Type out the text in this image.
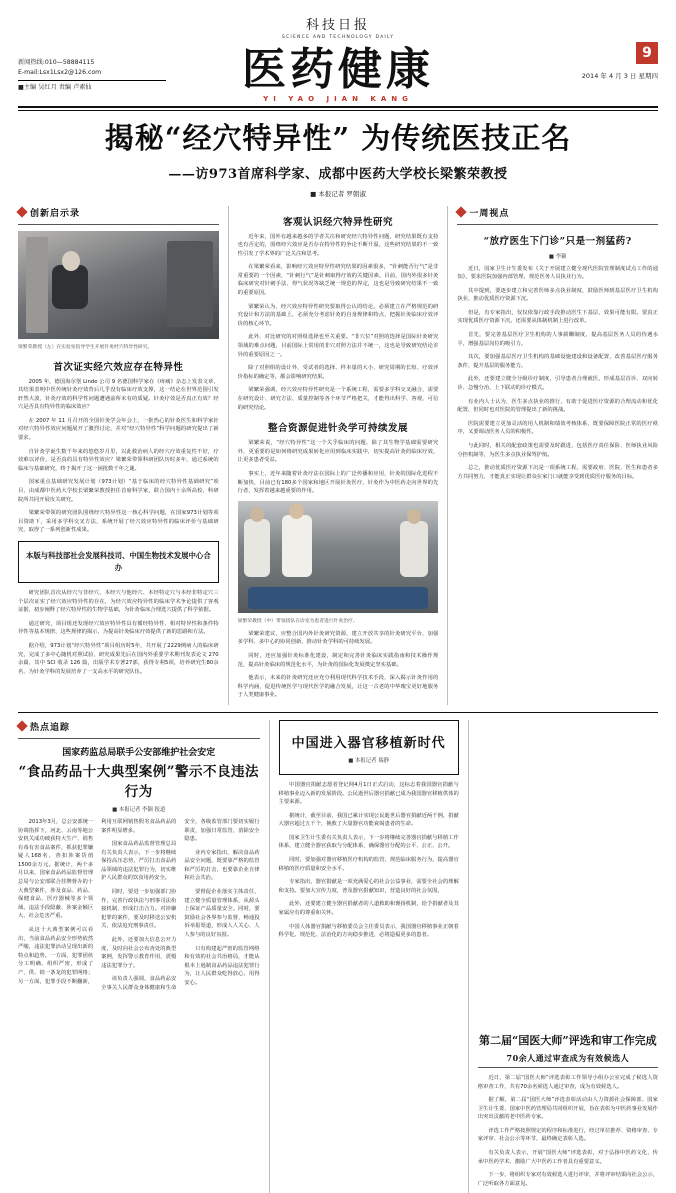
新闻热线:010—58884115
E-mail:Lsx1Lsx2@126.com
■主编 吴红月 责编 卢素仙
科技日报
SCIENCE AND TECHNOLOGY DAILY
医药健康
YI YAO JIAN KANG
9
2014 年 4 月 3 日 星期四
揭秘“经穴特异性” 为传统医技正名
——访973首席科学家、成都中医药大学校长梁繁荣教授
■ 本报记者 罗朝淑
创新启示录
梁繁荣教授（左）在实验室指导学生开展针灸经穴特异性研究。
首次证实经穴效应存在特异性

2005 年，德国海尔堡 Linde 公司 9 名德国科学家在《疼痛》杂志上发表文章，其结果表明中医传统针灸疗效背后几乎没有临床疗效支撑，这一结论在世界范围引发轩然大波，针灸疗效的科学性问题遭遇前所未有的质疑。针灸疗效是否真正有效？经穴是否具有特异性的临床效应？

在 2007 年 11 月召开的全国针灸学会年会上，一批热心的针灸医生和科学家针对经穴特异性效应问题展开了激烈讨论，并对“经穴特异性”科学问题的研究提出了新要求。

自针灸学诞生数千年来的悠悠岁月里，以此救治病人的经穴疗效重复性不好，疗效难以评价，是否真的具有特异性效应？梁繁荣带领科研团队历时多年，通过系统的临床与基础研究，终于揭开了这一困扰数千年之谜。

国家重点基础研究发展计划（973计划）“基于临床的经穴特异性基础研究”项目，由成都中医药大学校长梁繁荣教授担任首席科学家，联合国内十余所高校、科研院所共同开展攻关研究。

梁繁荣带领的研究团队围绕经穴特异性这一核心科学问题，在国家973计划等项目资助下，采用多学科交叉方法，系统开展了经穴效应特异性的临床评价与基础研究，取得了一系列创新性成果。

本版与科技部社会发展科技司、中国生物技术发展中心合办

研究团队首次从经穴与非经穴、本经穴与他经穴、本经特定穴与本经非特定穴三个层次证实了经穴效应特异性的存在，为经穴效应特异性的临床学术争论提供了客观证据，初步阐释了经穴特异性的生物学基础，为针灸临床合理选穴提供了科学依据。

通过研究，项目组还发现经穴效应特异性具有循经特异性、相对特异性和条件特异性等基本规律，这些规律的揭示，为提高针灸临床疗效提供了新的思路和方法。

据介绍，973计划“经穴特异性”项目组历时5年，共开展了2229例病人的临床研究，完成了多中心随机对照试验，研究成果先后在国内外重要学术期刊发表论文 270 余篇，其中 SCI 收录 126 篇，出版学术专著27部，获得专利5项，培养研究生80余名，为针灸学科的发展培养了一支高水平的研究队伍。

客观认识经穴特异性研究

近年来，国外有越来越多的学者关注和研究经穴特异性问题，研究结果既有支持也有否定的，围绕经穴效应是否存在特异性的争论不断升温，这些研究结果的不一致性引发了学术界的广泛关注和思考。

在梁繁荣看来，影响经穴效应特异性研究结果的因素很多，“针刺能否行气”是非常重要的一个因素，“针刺行气”是针刺取得疗效的关键因素。目前，国内外很多针灸临床研究对针刺手法、得气状况等缺乏统一规范的界定，这也是导致研究结果不一致的重要原因。

梁繁荣认为，经穴效应特异性研究要取得公认的结论，必须建立在严格规范的研究设计和方法的基础上，必须充分考虑针灸的自身规律和特点，把握针灸临床疗效评价的核心环节。

此外，对比研究的对照组选择也至关重要。“非穴位”对照的选择是国际针灸研究领域的难点问题，目前国际上常用的非穴对照方法并不统一，这也是导致研究结论差异的重要原因之一。

除了对照组的设计外，受试者的选择、样本量的大小、研究周期的长短、疗效评价指标的确定等，都会影响研究结果。

梁繁荣强调，经穴效应特异性研究是一个系统工程，需要多学科交叉融合，需要在研究设计、研究方法、质量控制等各个环节严格把关，才能得出科学、客观、可信的研究结论。

整合资源促进针灸学可持续发展

梁繁荣说，“经穴特异性”这一个关乎临床的问题，除了其生物学基础需要研究外，更重要的是如何将研究成果转化应用到临床实践中，切实提高针灸的临床疗效，让更多患者受益。

事实上，近年来随着针灸疗法在国际上的广泛传播和应用，针灸的国际化进程不断加快，目前已有180多个国家和地区开展针灸医疗，针灸作为中医药走向世界的先行者，发挥着越来越重要的作用。

梁繁荣教授（中）带领团队在诊室为患者进行针灸治疗。

梁繁荣建议，应整合国内外针灸研究资源，建立开放共享的针灸研究平台，加强多学科、多中心的协同创新，推动针灸学科的可持续发展。

同时，还应加强针灸标准化建设，制定和完善针灸临床实践指南和技术操作规范，提高针灸临床的规范化水平，为针灸的国际化发展奠定坚实基础。

他表示，未来的针灸研究还应充分利用现代科学技术手段，深入揭示针灸作用的科学内涵，促进传统医学与现代医学的融合发展，让这一古老的中华瑰宝更好地服务于人类健康事业。

一周视点
“放疗医生下门诊”只是一剂猛药?
■ 李颖

近日，国家卫生计生委发布《关于开展建立健全现代医院管理制度试点工作的通知》，要求医院加强内部管理，规范医务人员执业行为。

其中提到，要逐步建立和完善医师多点执业制度，鼓励医师到基层医疗卫生机构执业，推动优质医疗资源下沉。

但是，有专家指出，仅仅依靠行政手段推动医生下基层，效果可能有限。要真正实现优质医疗资源下沉，还需要从体制机制上进行改革。

首先，要完善基层医疗卫生机构的人事薪酬制度，提高基层医务人员的待遇水平，增强基层岗位的吸引力。

其次，要加强基层医疗卫生机构的基础设施建设和设备配置，改善基层医疗服务条件，提升基层的服务能力。

此外，还要建立健全分级诊疗制度，引导患者合理就医，形成基层首诊、双向转诊、急慢分治、上下联动的诊疗模式。

有业内人士认为，医生多点执业的推行，有助于促进医疗资源的合理流动和优化配置，但同时也对医院的管理提出了新的挑战。

医院需要建立更加灵活的用人机制和绩效考核体系，既要保障医院正常的医疗秩序，又要调动医务人员的积极性。

与此同时，相关的配套政策也需要及时跟进，包括医疗责任保险、医师执业风险分担机制等，为医生多点执业保驾护航。

总之，推动优质医疗资源下沉是一项系统工程，需要政府、医院、医生和患者多方共同努力，才能真正实现让群众在家门口就能享受到优质医疗服务的目标。

热点追踪
国家药监总局联手公安部维护社会安定
“食品药品十大典型案例”警示不良违法行为
■ 本报记者 李颖 报道

2013年3月，总公安部统一协调指挥下，河北、云南等地公安机关成功破获特大生产、销售有毒有害食品案件，抓获犯罪嫌疑人168名，查扣涉案货值1500余万元。据统计，两个多月以来，国家食品药品监督管理总局与公安部联合挂牌督办的十大典型案件，涉及食品、药品、保健食品、医疗器械等多个领域，违法手段隐蔽、涉案金额巨大、社会危害严重。

从这十大典型案例可以看出，当前食品药品安全形势依然严峻，违法犯罪活动呈现出新的特点和趋势。一方面，犯罪团伙分工明确、组织严密，形成了产、供、销一条龙的犯罪网络；另一方面，犯罪手段不断翻新，利用互联网销售假劣食品药品的案件明显增多。

国家食品药品监督管理总局有关负责人表示，下一步将继续保持高压态势，严厉打击食品药品领域的违法犯罪行为，切实维护人民群众的饮食用药安全。

同时，要进一步加强部门协作，完善行政执法与刑事司法衔接机制，形成打击合力。对涉嫌犯罪的案件，要及时移送公安机关，依法追究刑事责任。

此外，还要加大信息公开力度，及时向社会公布查处的典型案例，发挥警示教育作用，震慑违法犯罪分子。

该负责人强调，食品药品安全事关人民群众身体健康和生命安全，各级监管部门要切实履行职责，加强日常监管，消除安全隐患。

业内专家指出，解决食品药品安全问题，既要靠严格的监管和严厉的打击，也要靠企业自律和社会共治。

要督促企业落实主体责任，建立健全质量管理体系，从源头上保证产品质量安全。同时，要鼓励社会各界参与监督，畅通投诉举报渠道，形成人人关心、人人参与的良好氛围。

只有构建起严密的监管网络和有效的社会共治格局，才能从根本上遏制食品药品违法犯罪行为，让人民群众吃得放心、用得安心。

中国进入器官移植新时代
■ 本报记者 瑞静

中国器官捐献志愿者登记网4月1日正式启动，这标志着我国器官捐献与移植事业迈入新的发展阶段。公民逝世后器官捐献已成为我国器官移植供体的主要来源。

据统计，截至目前，我国已累计实现公民逝世后器官捐献近两千例，捐献大器官超过五千个，挽救了大量器官功能衰竭患者的生命。

国家卫生计生委有关负责人表示，下一步将继续完善器官捐献与移植工作体系，建立健全器官获取与分配体系，确保器官分配的公平、公正、公开。

同时，要加强对器官移植医疗机构的监管，规范临床服务行为，提高器官移植的医疗质量和安全水平。

专家指出，器官捐献是一项充满爱心的社会公益事业，需要全社会的理解和支持。要加大宣传力度，普及器官捐献知识，营造良好的社会氛围。

此外，还要建立健全器官捐献者的人道救助和褒扬机制，给予捐献者及其家属应有的尊重和关怀。

中国人体器官捐献与移植委员会主任委员表示，我国器官移植事业正朝着科学化、规范化、法治化的方向稳步推进，必将造福更多的患者。

第二届“国医大师”评选和审工作完成
70余人通过审查成为有效候选人

近日，第二届“国医大师”评选表彰工作领导小组办公室完成了候选人资格审查工作，共有70余名候选人通过审查，成为有效候选人。

据了解，第二届“国医大师”评选表彰活动由人力资源社会保障部、国家卫生计生委、国家中医药管理局共同组织开展，旨在表彰为中医药事业发展作出突出贡献的老中医药专家。

评选工作严格按照规定的程序和标准进行，经过单位推荐、资格审查、专家评审、社会公示等环节，最终确定表彰人选。

有关负责人表示，开展“国医大师”评选表彰，对于弘扬中医药文化、传承中医药学术、激励广大中医药工作者具有重要意义。

下一步，将组织专家对有效候选人进行评审，并将评审结果向社会公示，广泛听取各方面意见。
